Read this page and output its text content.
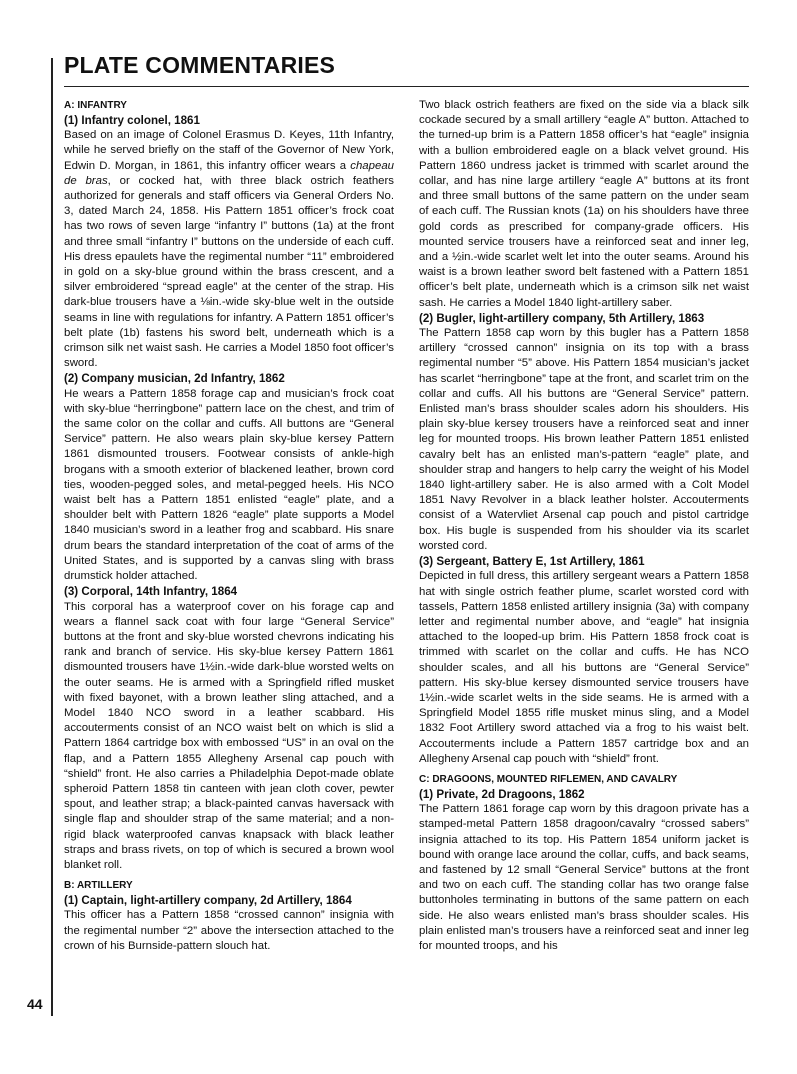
PLATE COMMENTARIES
A: INFANTRY
(1) Infantry colonel, 1861

Based on an image of Colonel Erasmus D. Keyes, 11th Infantry, while he served briefly on the staff of the Governor of New York, Edwin D. Morgan, in 1861, this infantry officer wears a chapeau de bras, or cocked hat, with three black ostrich feathers authorized for generals and staff officers via General Orders No. 3, dated March 24, 1858. His Pattern 1851 officer’s frock coat has two rows of seven large “infantry I” buttons (1a) at the front and three small “infantry I” buttons on the underside of each cuff. His dress epaulets have the regimental number “11” embroidered in gold on a sky-blue ground within the brass crescent, and a silver embroidered “spread eagle” at the center of the strap. His dark-blue trousers have a ⅛in.-wide sky-blue welt in the outside seams in line with regulations for infantry. A Pattern 1851 officer’s belt plate (1b) fastens his sword belt, underneath which is a crimson silk net waist sash. He carries a Model 1850 foot officer’s sword.

(2) Company musician, 2d Infantry, 1862

He wears a Pattern 1858 forage cap and musician’s frock coat with sky-blue “herringbone” pattern lace on the chest, and trim of the same color on the collar and cuffs. All buttons are “General Service” pattern. He also wears plain sky-blue kersey Pattern 1861 dismounted trousers. Footwear consists of ankle-high brogans with a smooth exterior of blackened leather, brown cord ties, wooden-pegged soles, and metal-pegged heels. His NCO waist belt has a Pattern 1851 enlisted “eagle” plate, and a shoulder belt with Pattern 1826 “eagle” plate supports a Model 1840 musician’s sword in a leather frog and scabbard. His snare drum bears the standard interpretation of the coat of arms of the United States, and is supported by a canvas sling with brass drumstick holder attached.

(3) Corporal, 14th Infantry, 1864

This corporal has a waterproof cover on his forage cap and wears a flannel sack coat with four large “General Service” buttons at the front and sky-blue worsted chevrons indicating his rank and branch of service. His sky-blue kersey Pattern 1861 dismounted trousers have 1½in.-wide dark-blue worsted welts on the outer seams. He is armed with a Springfield rifled musket with fixed bayonet, with a brown leather sling attached, and a Model 1840 NCO sword in a leather scabbard. His accouterments consist of an NCO waist belt on which is slid a Pattern 1864 cartridge box with embossed “US” in an oval on the flap, and a Pattern 1855 Allegheny Arsenal cap pouch with “shield” front. He also carries a Philadelphia Depot-made oblate spheroid Pattern 1858 tin canteen with jean cloth cover, pewter spout, and leather strap; a black-painted canvas haversack with single flap and shoulder strap of the same material; and a non-rigid black waterproofed canvas knapsack with black leather straps and brass rivets, on top of which is secured a brown wool blanket roll.

B: ARTILLERY
(1) Captain, light-artillery company, 2d Artillery, 1864

This officer has a Pattern 1858 “crossed cannon” insignia with the regimental number “2” above the intersection attached to the crown of his Burnside-pattern slouch hat.

Two black ostrich feathers are fixed on the side via a black silk cockade secured by a small artillery “eagle A” button. Attached to the turned-up brim is a Pattern 1858 officer’s hat “eagle” insignia with a bullion embroidered eagle on a black velvet ground. His Pattern 1860 undress jacket is trimmed with scarlet around the collar, and has nine large artillery “eagle A” buttons at its front and three small buttons of the same pattern on the under seam of each cuff. The Russian knots (1a) on his shoulders have three gold cords as prescribed for company-grade officers. His mounted service trousers have a reinforced seat and inner leg, and a ½in.-wide scarlet welt let into the outer seams. Around his waist is a brown leather sword belt fastened with a Pattern 1851 officer’s belt plate, underneath which is a crimson silk net waist sash. He carries a Model 1840 light-artillery saber.

(2) Bugler, light-artillery company, 5th Artillery, 1863

The Pattern 1858 cap worn by this bugler has a Pattern 1858 artillery “crossed cannon” insignia on its top with a brass regimental number “5” above. His Pattern 1854 musician’s jacket has scarlet “herringbone” tape at the front, and scarlet trim on the collar and cuffs. All his buttons are “General Service” pattern. Enlisted man’s brass shoulder scales adorn his shoulders. His plain sky-blue kersey trousers have a reinforced seat and inner leg for mounted troops. His brown leather Pattern 1851 enlisted cavalry belt has an enlisted man’s-pattern “eagle” plate, and shoulder strap and hangers to help carry the weight of his Model 1840 light-artillery saber. He is also armed with a Colt Model 1851 Navy Revolver in a black leather holster. Accouterments consist of a Watervliet Arsenal cap pouch and pistol cartridge box. His bugle is suspended from his shoulder via its scarlet worsted cord.

(3) Sergeant, Battery E, 1st Artillery, 1861

Depicted in full dress, this artillery sergeant wears a Pattern 1858 hat with single ostrich feather plume, scarlet worsted cord with tassels, Pattern 1858 enlisted artillery insignia (3a) with company letter and regimental number above, and “eagle” hat insignia attached to the looped-up brim. His Pattern 1858 frock coat is trimmed with scarlet on the collar and cuffs. He has NCO shoulder scales, and all his buttons are “General Service” pattern. His sky-blue kersey dismounted service trousers have 1½in.-wide scarlet welts in the side seams. He is armed with a Springfield Model 1855 rifle musket minus sling, and a Model 1832 Foot Artillery sword attached via a frog to his waist belt. Accouterments include a Pattern 1857 cartridge box and an Allegheny Arsenal cap pouch with “shield” front.

C: DRAGOONS, MOUNTED RIFLEMEN, AND CAVALRY
(1) Private, 2d Dragoons, 1862

The Pattern 1861 forage cap worn by this dragoon private has a stamped-metal Pattern 1858 dragoon/cavalry “crossed sabers” insignia attached to its top. His Pattern 1854 uniform jacket is bound with orange lace around the collar, cuffs, and back seams, and fastened by 12 small “General Service” buttons at the front and two on each cuff. The standing collar has two orange false buttonholes terminating in buttons of the same pattern on each side. He also wears enlisted man’s brass shoulder scales. His plain enlisted man’s trousers have a reinforced seat and inner leg for mounted troops, and his

44
